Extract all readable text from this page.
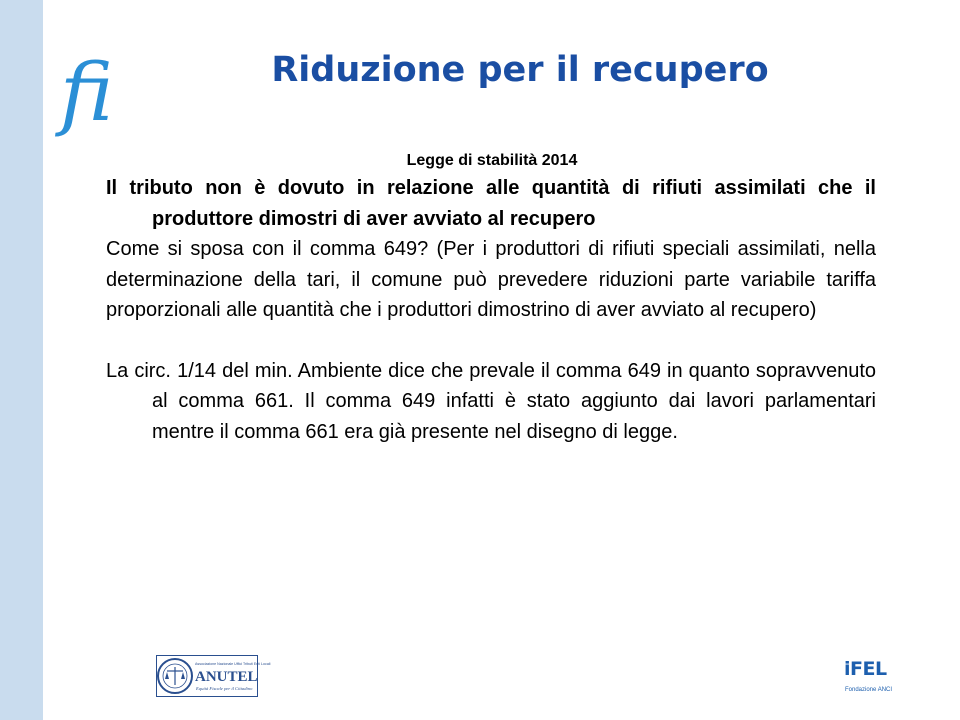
fi	Riduzione per il recupero
Legge di stabilità 2014

Il tributo non è dovuto in relazione alle quantità di rifiuti assimilati che il produttore dimostri di aver avviato al recupero

Come si sposa con il comma 649? (Per i produttori di rifiuti speciali assimilati, nella determinazione della tari, il comune può prevedere riduzioni parte variabile tariffa proporzionali alle quantità che i produttori dimostrino di aver avviato al recupero)

La circ. 1/14 del min. Ambiente dice che prevale il comma 649 in quanto sopravvenuto al comma 661. Il comma 649 infatti è stato aggiunto dai lavori parlamentari mentre il comma 661 era già presente nel disegno di legge.

Associazione Nazionale Uffici Tributi Enti Locali
ANUTEL
Equità Fiscale per il Cittadino
iFEL
Fondazione ANCI
